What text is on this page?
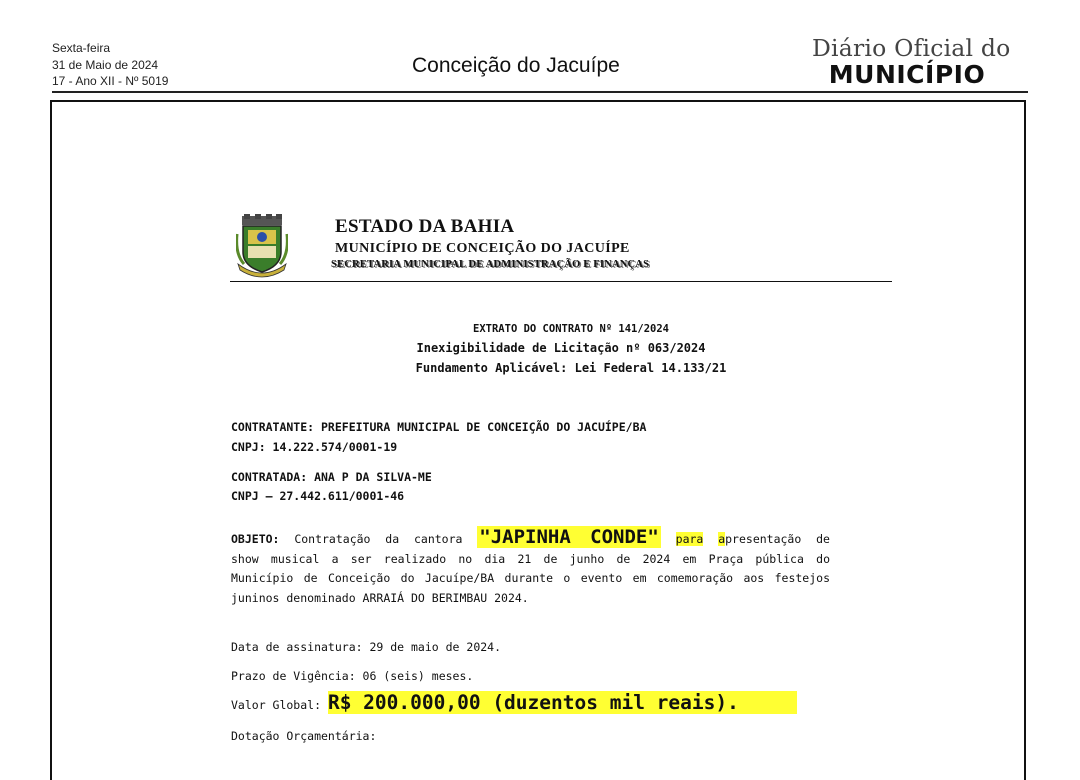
Sexta-feira
31 de Maio de 2024
17 - Ano XII - Nº 5019
Conceição do Jacuípe
Diário Oficial do
MUNICÍPIO
ESTADO DA BAHIA
MUNICÍPIO DE CONCEIÇÃO DO JACUÍPE
SECRETARIA MUNICIPAL DE ADMINISTRAÇÃO E FINANÇAS
EXTRATO DO CONTRATO Nº 141/2024
Inexigibilidade de Licitação nº 063/2024
Fundamento Aplicável: Lei Federal 14.133/21
CONTRATANTE: PREFEITURA MUNICIPAL DE CONCEIÇÃO DO JACUÍPE/BA
CNPJ: 14.222.574/0001-19
CONTRATADA: ANA P DA SILVA-ME
CNPJ – 27.442.611/0001-46
OBJETO: Contratação da cantora "JAPINHA CONDE" para apresentação de
show musical a ser realizado no dia 21 de junho de 2024 em Praça pública do
Município de Conceição do Jacuípe/BA durante o evento em comemoração aos festejos
juninos denominado ARRAIÁ DO BERIMBAU 2024.
Data de assinatura: 29 de maio de 2024.
Prazo de Vigência: 06 (seis) meses.
Valor Global: R$ 200.000,00 (duzentos mil reais).
Dotação Orçamentária:
